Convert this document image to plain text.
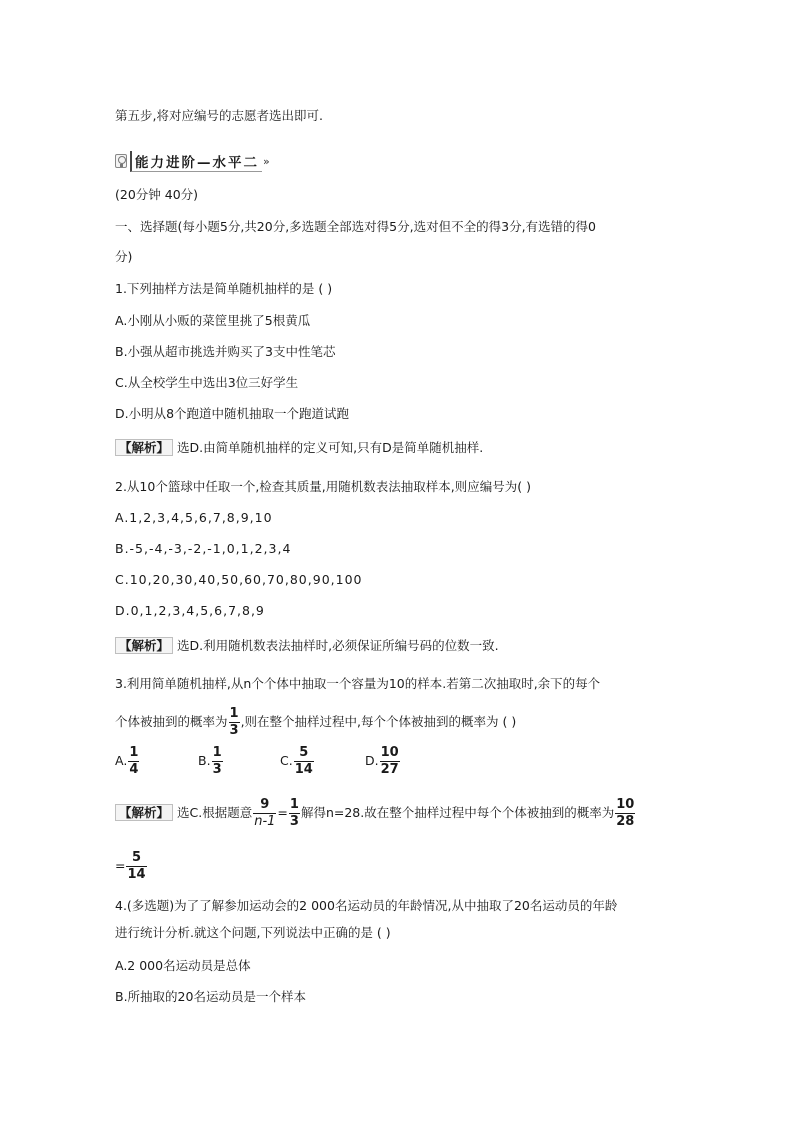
第五步,将对应编号的志愿者选出即可.
能力进阶—水平二 »
(20分钟 40分)
一、选择题(每小题5分,共20分,多选题全部选对得5分,选对但不全的得3分,有选错的得0
分)
1.下列抽样方法是简单随机抽样的是 ( )
A.小刚从小贩的菜筐里挑了5根黄瓜
B.小强从超市挑选并购买了3支中性笔芯
C.从全校学生中选出3位三好学生
D.小明从8个跑道中随机抽取一个跑道试跑
【解析】 选D.由简单随机抽样的定义可知,只有D是简单随机抽样.
2.从10个篮球中任取一个,检查其质量,用随机数表法抽取样本,则应编号为( )
A.1,2,3,4,5,6,7,8,9,10
B.-5,-4,-3,-2,-1,0,1,2,3,4
C.10,20,30,40,50,60,70,80,90,100
D.0,1,2,3,4,5,6,7,8,9
【解析】 选D.利用随机数表法抽样时,必须保证所编号码的位数一致.
3.利用简单随机抽样,从n个个体中抽取一个容量为10的样本.若第二次抽取时,余下的每个
个体被抽到的概率为 $\frac{1}{3}$ ,则在整个抽样过程中,每个个体被抽到的概率为 ( )
A. $\frac{1}{4}$	B. $\frac{1}{3}$	C. $\frac{5}{14}$	D. $\frac{10}{27}$
【解析】 选C.根据题意 $\frac{9}{n-1} = \frac{1}{3}$ 解得n=28.故在整个抽样过程中每个个体被抽到的概率为 $\frac{10}{28}$
= $\frac{5}{14}$
4.(多选题)为了了解参加运动会的2 000名运动员的年龄情况,从中抽取了20名运动员的年龄
进行统计分析.就这个问题,下列说法中正确的是 ( )
A.2 000名运动员是总体
B.所抽取的20名运动员是一个样本
